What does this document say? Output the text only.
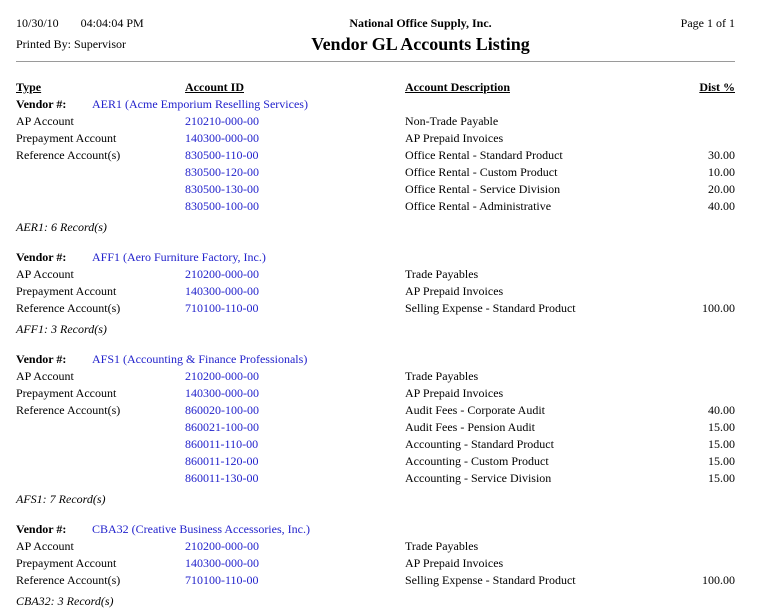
10/30/10 04:04:04 PM
Printed By: Supervisor
National Office Supply, Inc.
Vendor GL Accounts Listing
Page 1 of 1
Type	Account ID	Account Description	Dist %
Vendor #:	AER1 (Acme Emporium Reselling Services)
AP Account	210210-000-00	Non-Trade Payable
Prepayment Account	140300-000-00	AP Prepaid Invoices
Reference Account(s)	830500-110-00	Office Rental - Standard Product	30.00
830500-120-00	Office Rental - Custom Product	10.00
830500-130-00	Office Rental - Service Division	20.00
830500-100-00	Office Rental - Administrative	40.00
AER1: 6 Record(s)
Vendor #:	AFF1 (Aero Furniture Factory, Inc.)
AP Account	210200-000-00	Trade Payables
Prepayment Account	140300-000-00	AP Prepaid Invoices
Reference Account(s)	710100-110-00	Selling Expense - Standard Product	100.00
AFF1: 3 Record(s)
Vendor #:	AFS1 (Accounting & Finance Professionals)
AP Account	210200-000-00	Trade Payables
Prepayment Account	140300-000-00	AP Prepaid Invoices
Reference Account(s)	860020-100-00	Audit Fees - Corporate Audit	40.00
860021-100-00	Audit Fees - Pension Audit	15.00
860011-110-00	Accounting - Standard Product	15.00
860011-120-00	Accounting - Custom Product	15.00
860011-130-00	Accounting - Service Division	15.00
AFS1: 7 Record(s)
Vendor #:	CBA32 (Creative Business Accessories, Inc.)
AP Account	210200-000-00	Trade Payables
Prepayment Account	140300-000-00	AP Prepaid Invoices
Reference Account(s)	710100-110-00	Selling Expense - Standard Product	100.00
CBA32: 3 Record(s)
